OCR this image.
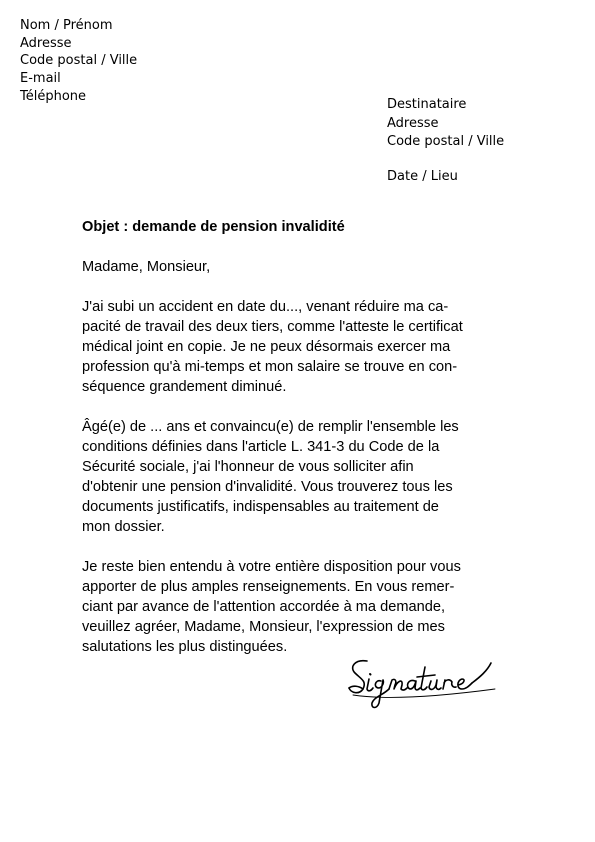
Nom / Prénom
Adresse
Code postal / Ville
E-mail
Téléphone
Destinataire
Adresse
Code postal / Ville
Date / Lieu
Objet : demande de pension invalidité
Madame, Monsieur,
J'ai subi un accident en date du..., venant réduire ma ca-
pacité de travail des deux tiers, comme l'atteste le certificat
médical joint en copie. Je ne peux désormais exercer ma
profession qu'à mi-temps et mon salaire se trouve en con-
séquence grandement diminué.
Âgé(e) de ... ans et convaincu(e) de remplir l'ensemble les
conditions définies dans l'article L. 341-3 du Code de la
Sécurité sociale, j'ai l'honneur de vous solliciter afin
d'obtenir une pension d'invalidité. Vous trouverez tous les
documents justificatifs, indispensables au traitement de
mon dossier.
Je reste bien entendu à votre entière disposition pour vous
apporter de plus amples renseignements. En vous remer-
ciant par avance de l'attention accordée à ma demande,
veuillez agréer, Madame, Monsieur, l'expression de mes
salutations les plus distinguées.
